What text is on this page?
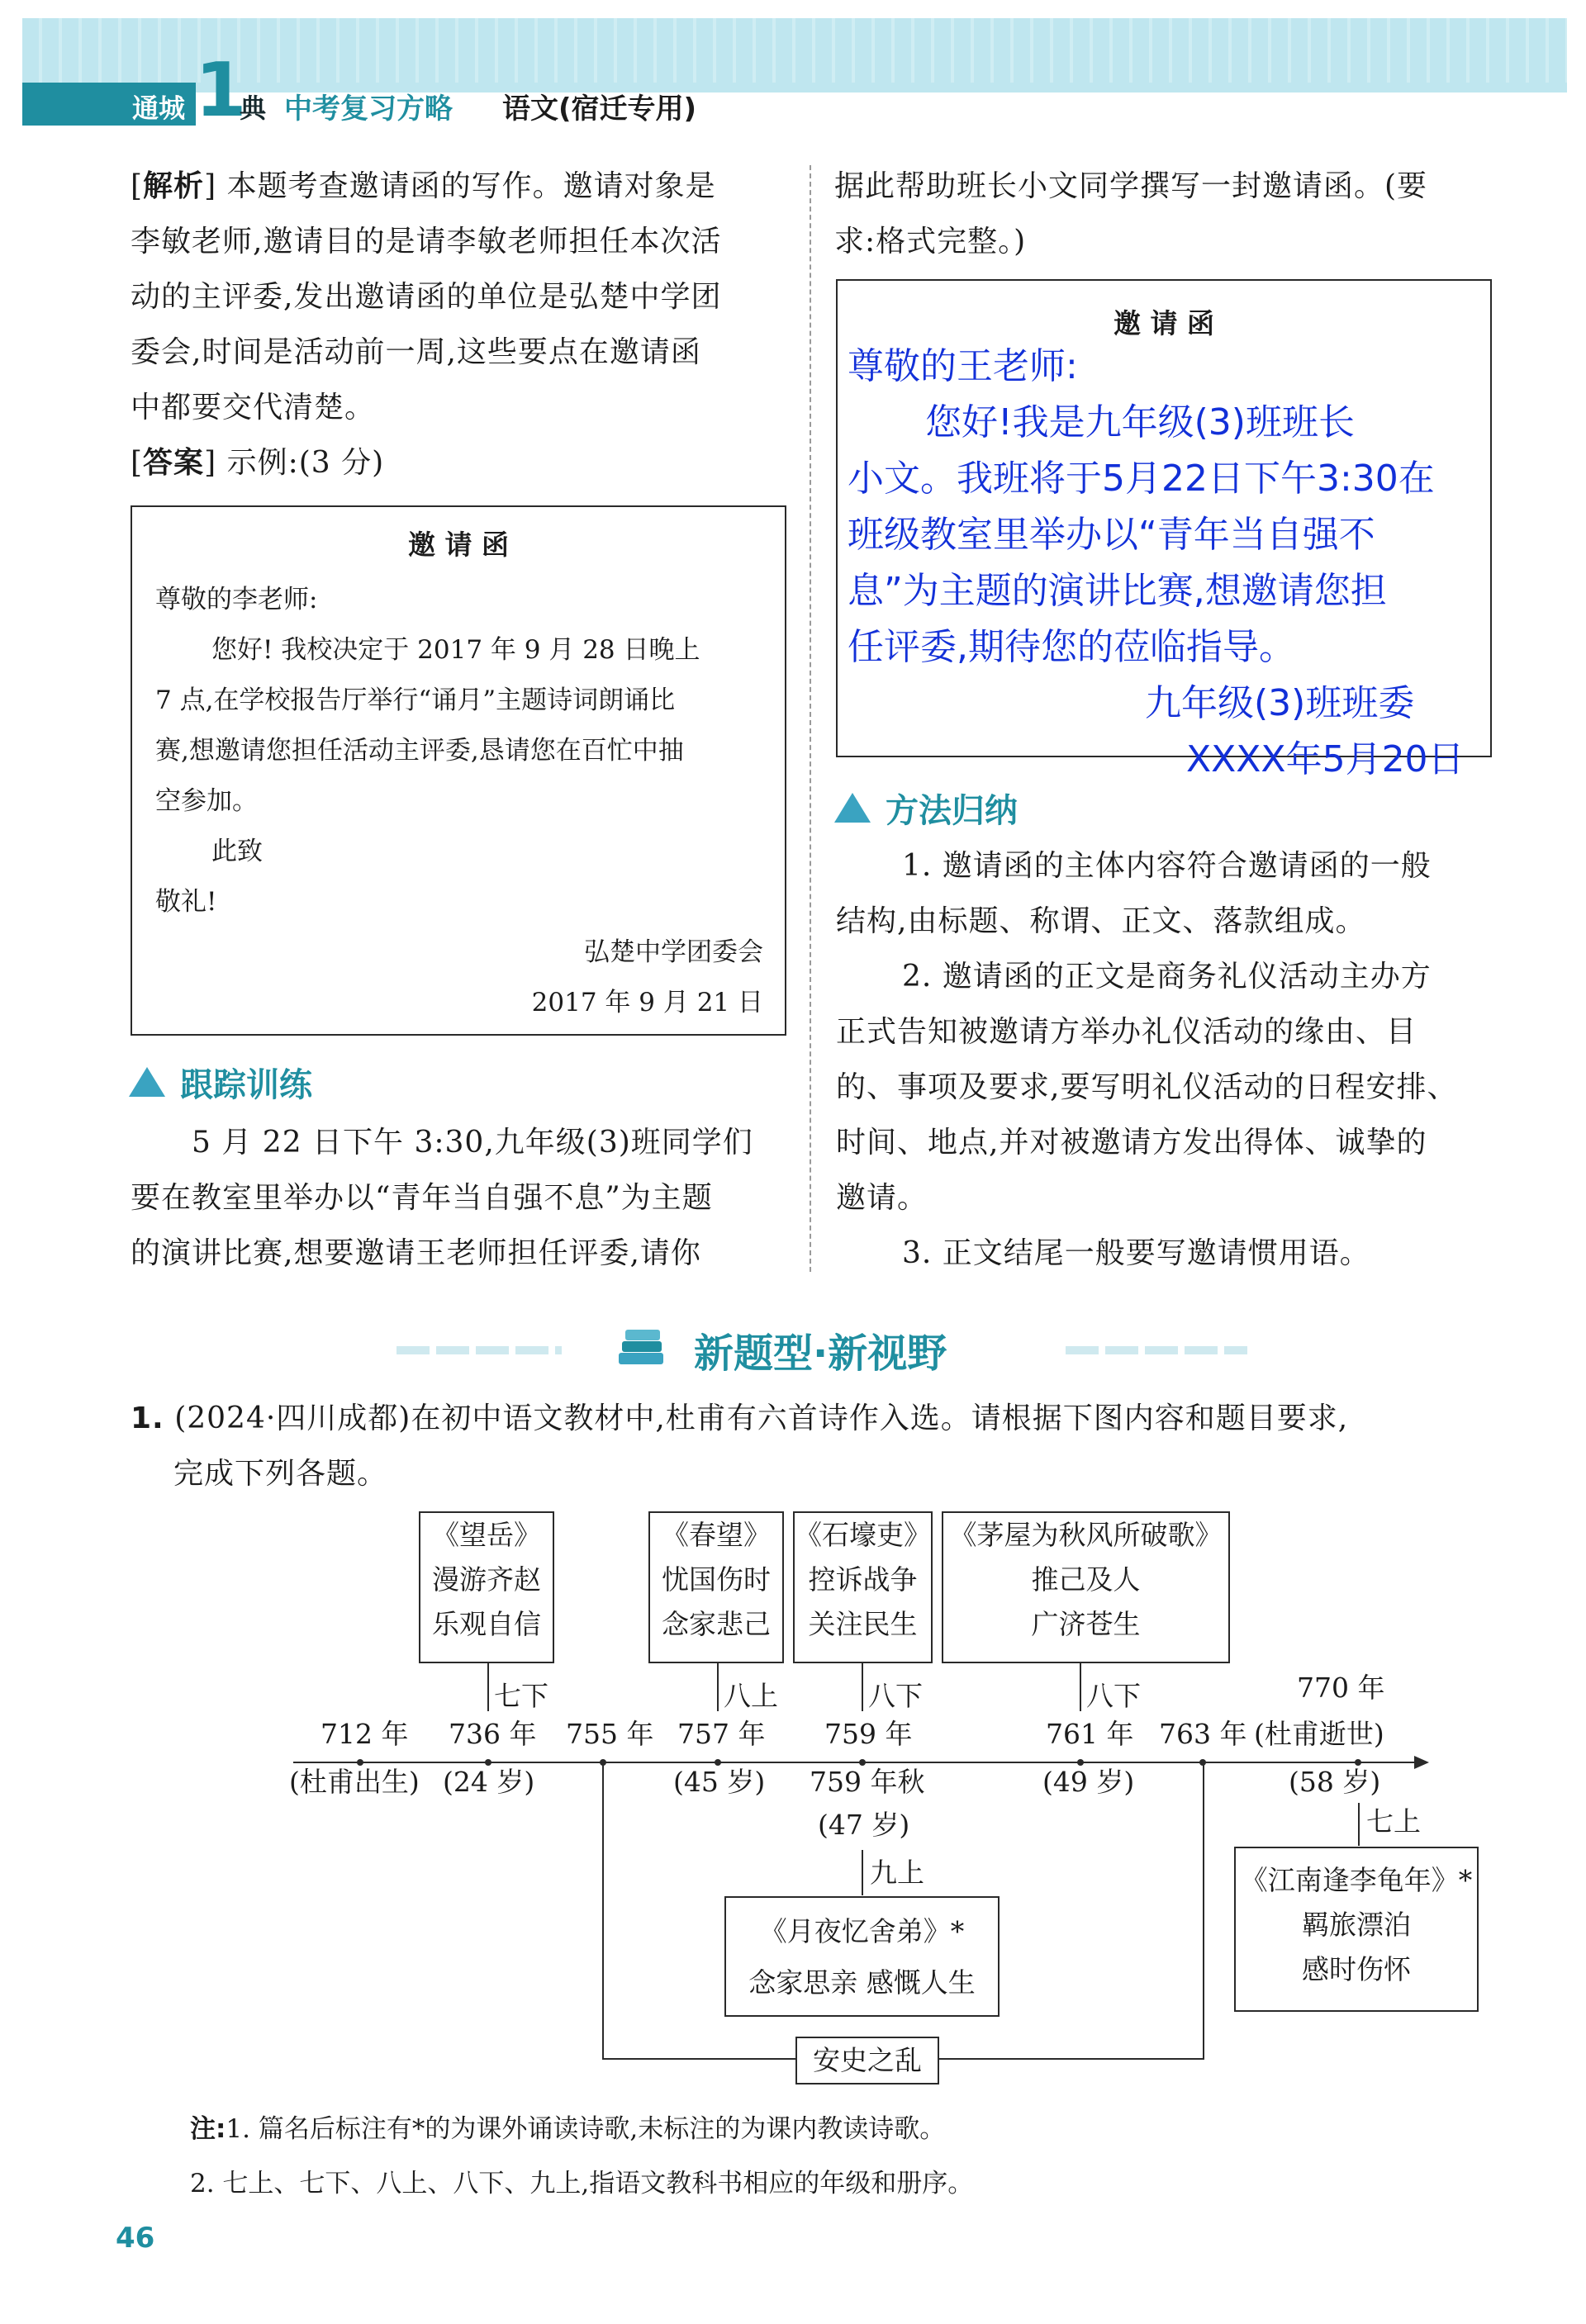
通城 1
典 中考复习方略 语文(宿迁专用)
[解析] 本题考查邀请函的写作。邀请对象是
李敏老师,邀请目的是请李敏老师担任本次活
动的主评委,发出邀请函的单位是弘楚中学团
委会,时间是活动前一周,这些要点在邀请函
中都要交代清楚。
[答案] 示例:(3 分)
邀 请 函
尊敬的李老师:
您好! 我校决定于 2017 年 9 月 28 日晚上
7 点,在学校报告厅举行“诵月”主题诗词朗诵比
赛,想邀请您担任活动主评委,恳请您在百忙中抽
空参加。
此致
敬礼!
弘楚中学团委会
2017 年 9 月 21 日
跟踪训练
5 月 22 日下午 3:30,九年级(3)班同学们
要在教室里举办以“青年当自强不息”为主题
的演讲比赛,想要邀请王老师担任评委,请你
据此帮助班长小文同学撰写一封邀请函。(要
求:格式完整。)
邀 请 函
尊敬的王老师:
您好!我是九年级(3)班班长
小文。我班将于5月22日下午3:30在
班级教室里举办以“青年当自强不
息”为主题的演讲比赛,想邀请您担
任评委,期待您的莅临指导。
九年级(3)班班委
XXXX年5月20日
方法归纳
1. 邀请函的主体内容符合邀请函的一般
结构,由标题、称谓、正文、落款组成。
2. 邀请函的正文是商务礼仪活动主办方
正式告知被邀请方举办礼仪活动的缘由、目
的、事项及要求,要写明礼仪活动的日程安排、
时间、地点,并对被邀请方发出得体、诚挚的
邀请。
3. 正文结尾一般要写邀请惯用语。
新题型·新视野
1. (2024·四川成都)在初中语文教材中,杜甫有六首诗作入选。请根据下图内容和题目要求,
完成下列各题。
《望岳》
漫游齐赵
乐观自信
《春望》
忧国伤时
念家悲己
《石壕吏》
控诉战争
关注民生
《茅屋为秋风所破歌》
推己及人
广济苍生
七下	八上	八下	八下	770 年
712 年 736 年 755 年 757 年 759 年	761 年 763 年 (杜甫逝世)
(杜甫出生) (24 岁)	(45 岁) 759 年秋	(49 岁)	(58 岁)
(47 岁)
安史之乱
九上
《月夜忆舍弟》*
念家思亲 感慨人生
七上
《江南逢李龟年》*
羁旅漂泊
感时伤怀
注:1. 篇名后标注有*的为课外诵读诗歌,未标注的为课内教读诗歌。
2. 七上、七下、八上、八下、九上,指语文教科书相应的年级和册序。
46
